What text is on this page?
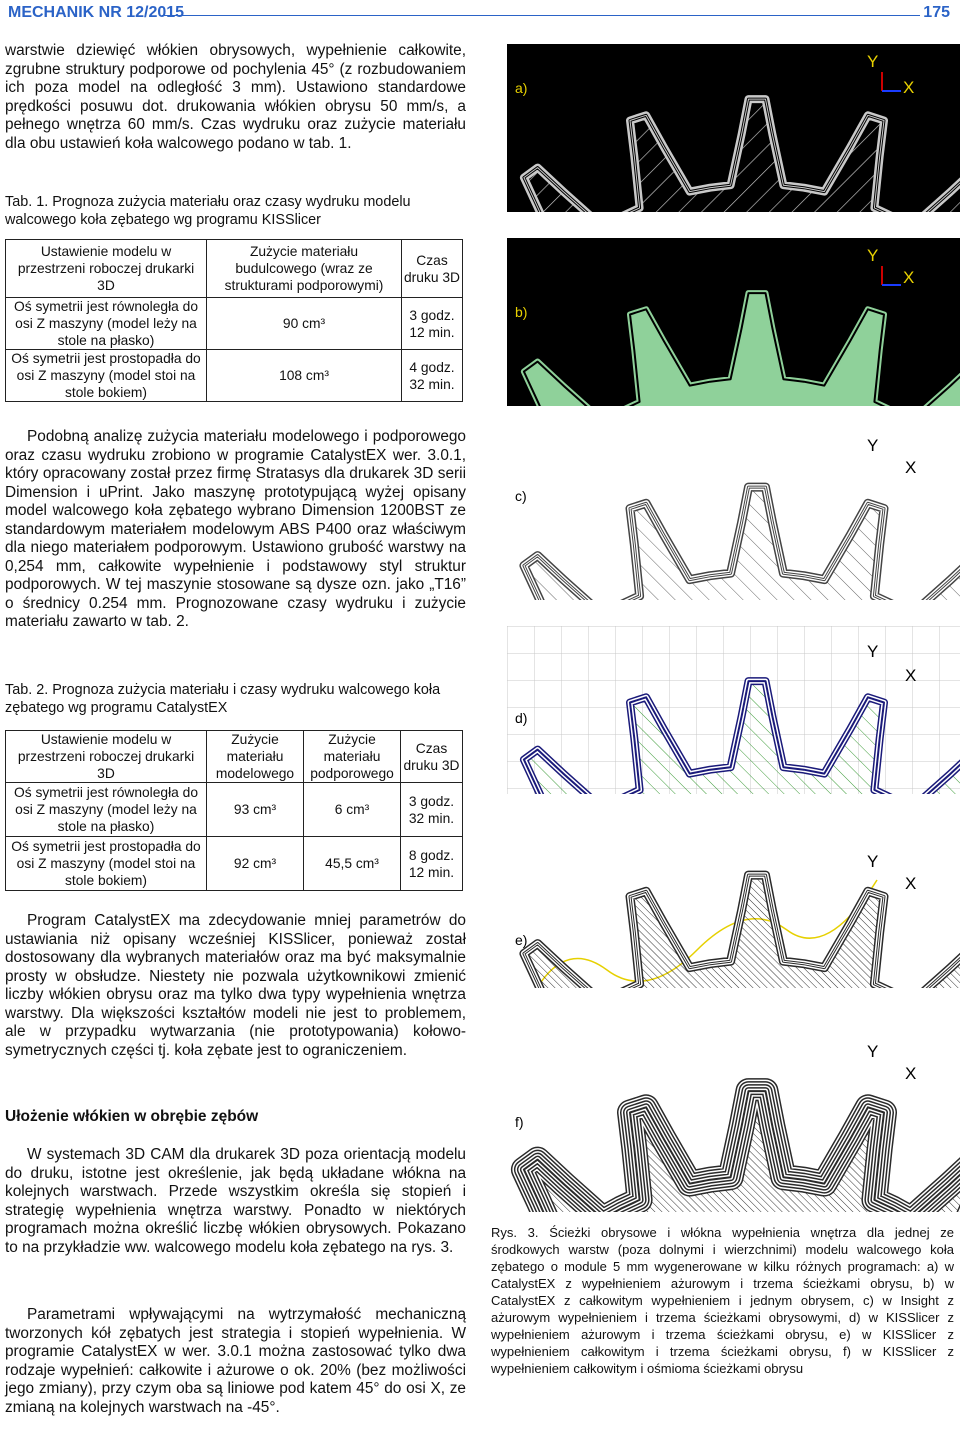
MECHANIK NR 12/2015	175

warstwie dziewięć włókien obrysowych, wypełnienie całkowite, zgrubne struktury podporowe od pochylenia 45° (z rozbudowaniem ich poza model na odległość 3 mm). Ustawiono standardowe prędkości posuwu dot. drukowania włókien obrysu 50 mm/s, a pełnego wnętrza 60 mm/s. Czas wydruku oraz zużycie materiału dla obu ustawień koła walcowego podano w tab. 1.

Tab. 1. Prognoza zużycia materiału oraz czasy wydruku modelu walcowego koła zębatego wg programu KISSlicer

Ustawienie modelu w przestrzeni roboczej drukarki 3D	Zużycie materiału budulcowego (wraz ze strukturami podporowymi)	Czas druku 3D
Oś symetrii jest równoległa do osi Z maszyny (model leży na stole na płasko)	90 cm³	3 godz. 12 min.
Oś symetrii jest prostopadła do osi Z maszyny (model stoi na stole bokiem)	108 cm³	4 godz. 32 min.

Podobną analizę zużycia materiału modelowego i podporowego oraz czasu wydruku zrobiono w programie CatalystEX wer. 3.0.1, który opracowany został przez firmę Stratasys dla drukarek 3D serii Dimension i uPrint. Jako maszynę prototypującą wyżej opisany model walcowego koła zębatego wybrano Dimension 1200BST ze standardowym materiałem modelowym ABS P400 oraz właściwym dla niego materiałem podporowym. Ustawiono grubość warstwy na 0,254 mm, całkowite wypełnienie i podstawowy styl struktur podporowych. W tej maszynie stosowane są dysze ozn. jako „T16” o średnicy 0.254 mm. Prognozowane czasy wydruku i zużycie materiału zawarto w tab. 2.

Tab. 2. Prognoza zużycia materiału i czasy wydruku walcowego koła zębatego wg programu CatalystEX

Ustawienie modelu w przestrzeni roboczej drukarki 3D	Zużycie materiału modelowego	Zużycie materiału podporowego	Czas druku 3D
Oś symetrii jest równoległa do osi Z maszyny (model leży na stole na płasko)	93 cm³	6 cm³	3 godz. 32 min.
Oś symetrii jest prostopadła do osi Z maszyny (model stoi na stole bokiem)	92 cm³	45,5 cm³	8 godz. 12 min.

Program CatalystEX ma zdecydowanie mniej parametrów do ustawiania niż opisany wcześniej KISSlicer, ponieważ został dostosowany dla wybranych materiałów oraz ma być maksymalnie prosty w obsłudze. Niestety nie pozwala użytkownikowi zmienić liczby włókien obrysu oraz ma tylko dwa typy wypełnienia wnętrza warstwy. Dla większości kształtów modeli nie jest to problemem, ale w przypadku wytwarzania (nie prototypowania) kołowo-symetrycznych części tj. koła zębate jest to ograniczeniem.

Ułożenie włókien w obrębie zębów

W systemach 3D CAM dla drukarek 3D poza orientacją modelu do druku, istotne jest określenie, jak będą układane włókna na kolejnych warstwach. Przede wszystkim określa się stopień i strategię wypełnienia wnętrza warstwy. Ponadto w niektórych programach można określić liczbę włókien obrysowych. Pokazano to na przykładzie ww. walcowego modelu koła zębatego na rys. 3.

Parametrami wpływającymi na wytrzymałość mechaniczną tworzonych kół zębatych jest strategia i stopień wypełnienia. W programie CatalystEX w wer. 3.0.1 można zastosować tylko dwa rodzaje wypełnień: całkowite i ażurowe o ok. 20% (bez możliwości jego zmiany), przy czym oba są liniowe pod katem 45° do osi X, ze zmianą na kolejnych warstwach na -45°.

a)
Y
X
b)
Y
X
c)
Y
X
d)
Y
X
e)
Y
X
f)
Y
X
Rys. 3. Ścieżki obrysowe i włókna wypełnienia wnętrza dla jednej ze środkowych warstw (poza dolnymi i wierzchnimi) modelu walcowego koła zębatego o module 5 mm wygenerowane w kilku różnych programach: a) w CatalystEX z wypełnieniem ażurowym i trzema ścieżkami obrysu, b) w CatalystEX z całkowitym wypełnieniem i jednym obrysem, c) w Insight z ażurowym wypełnieniem i trzema ścieżkami obrysowymi, d) w KISSlicer z wypełnieniem ażurowym i trzema ścieżkami obrysu, e) w KISSlicer z wypełnieniem całkowitym i trzema ścieżkami obrysu, f) w KISSlicer z wypełnieniem całkowitym i ośmioma ścieżkami obrysu
